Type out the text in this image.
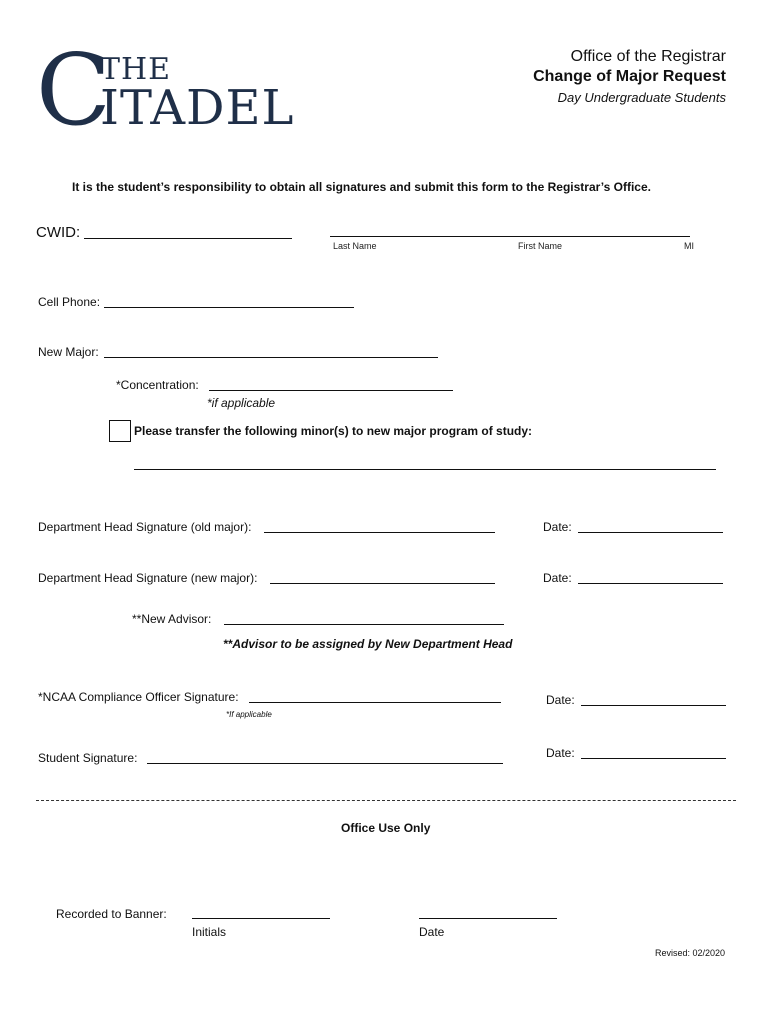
C
THE
ITADEL
Office of the Registrar
Change of Major Request
Day Undergraduate Students
It is the student’s responsibility to obtain all signatures and submit this form to the Registrar’s Office.
CWID:
Last Name	First Name	MI
Cell Phone:
New Major:
*Concentration:
*if applicable
Please transfer the following minor(s) to new major program of study:
Department Head Signature (old major):	Date:
Department Head Signature (new major):	Date:
**New Advisor:
**Advisor to be assigned by New Department Head
*NCAA Compliance Officer Signature:
*If applicable
Date:
Student Signature:	Date:
Office Use Only
Recorded to Banner:
Initials	Date
Revised: 02/2020
